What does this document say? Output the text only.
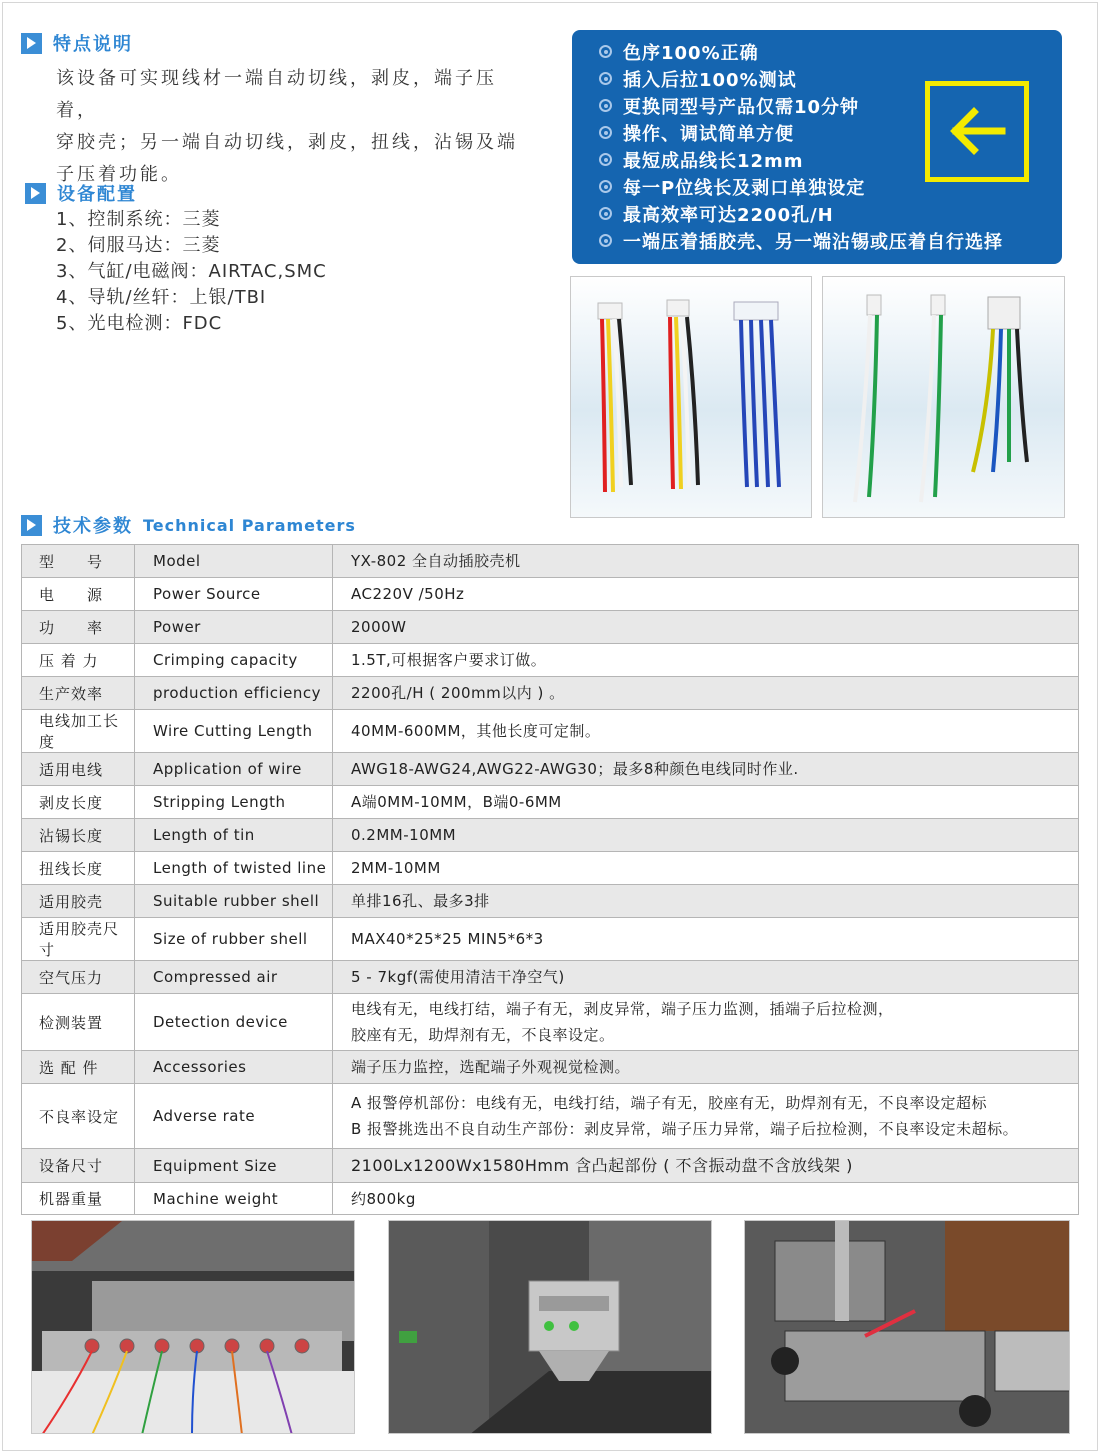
特点说明
该设备可实现线材一端自动切线，剥皮，端子压着，
穿胶壳；另一端自动切线，剥皮，扭线，沾锡及端
子压着功能。
设备配置
1、控制系统：三菱
2、伺服马达：三菱
3、气缸/电磁阀：AIRTAC,SMC
4、导轨/丝轩：上银/TBI
5、光电检测：FDC
色序100%正确
插入后拉100%测试
更换同型号产品仅需10分钟
操作、调试简单方便
最短成品线长12mm
每一P位线长及剥口单独设定
最高效率可达2200孔/H
一端压着插胶壳、另一端沾锡或压着自行选择
技术参数 Technical Parameters
型　　号	Model	YX-802 全自动插胶壳机

电　　源	Power Source	AC220V /50Hz

功　　率	Power	2000W

压 着 力	Crimping capacity	1.5T,可根据客户要求订做。

生产效率	production efficiency	2200孔/H ( 200mm以内 ) 。

电线加工长度	Wire Cutting Length	40MM-600MM，其他长度可定制。

适用电线	Application of wire	AWG18-AWG24,AWG22-AWG30；最多8种颜色电线同时作业.

剥皮长度	Stripping Length	A端0MM-10MM，B端0-6MM

沾锡长度	Length of tin	0.2MM-10MM

扭线长度	Length of twisted line	2MM-10MM

适用胶壳	Suitable rubber shell	单排16孔、最多3排

适用胶壳尺寸	Size of rubber shell	MAX40*25*25 MIN5*6*3

空气压力	Compressed air	5 - 7kgf(需使用清洁干净空气)

检测装置	Detection device	电线有无，电线打结，端子有无，剥皮异常，端子压力监测，插端子后拉检测，
胶座有无，助焊剂有无，不良率设定。

选 配 件	Accessories	端子压力监控，选配端子外观视觉检测。

不良率设定	Adverse rate	A 报警停机部份：电线有无，电线打结，端子有无，胶座有无，助焊剂有无，不良率设定超标
B 报警挑选出不良自动生产部份：剥皮异常，端子压力异常，端子后拉检测，不良率设定未超标。

设备尺寸	Equipment Size	2100Lx1200Wx1580Hmm 含凸起部份 ( 不含振动盘不含放线架 )

机器重量	Machine weight	约800kg
